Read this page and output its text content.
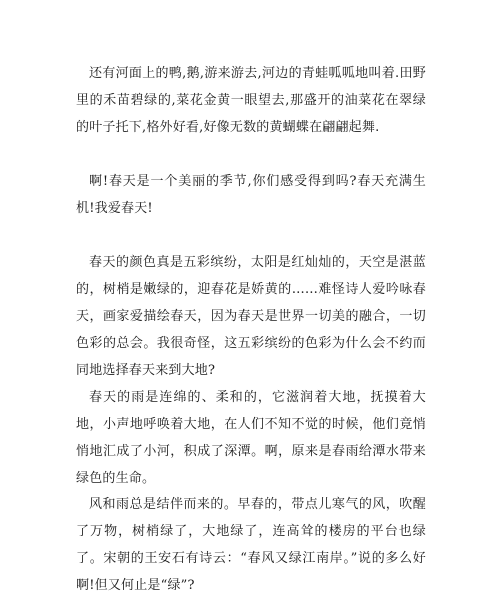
还有河面上的鸭,鹅,游来游去,河边的青蛙呱呱地叫着.田野里的禾苗碧绿的,菜花金黄一眼望去,那盛开的油菜花在翠绿的叶子托下,格外好看,好像无数的黄蝴蝶在翩翩起舞.

啊!春天是一个美丽的季节,你们感受得到吗?春天充满生机!我爱春天!

春天的颜色真是五彩缤纷，太阳是红灿灿的，天空是湛蓝的，树梢是嫩绿的，迎春花是娇黄的……难怪诗人爱吟咏春天，画家爱描绘春天，因为春天是世界一切美的融合，一切色彩的总会。我很奇怪，这五彩缤纷的色彩为什么会不约而同地选择春天来到大地?

春天的雨是连绵的、柔和的，它滋润着大地，抚摸着大地，小声地呼唤着大地，在人们不知不觉的时候，他们竟悄悄地汇成了小河，积成了深潭。啊，原来是春雨给潭水带来绿色的生命。

风和雨总是结伴而来的。早春的，带点儿寒气的风，吹醒了万物，树梢绿了，大地绿了，连高耸的楼房的平台也绿了。宋朝的王安石有诗云：“春风又绿江南岸。”说的多么好啊!但又何止是“绿”?
